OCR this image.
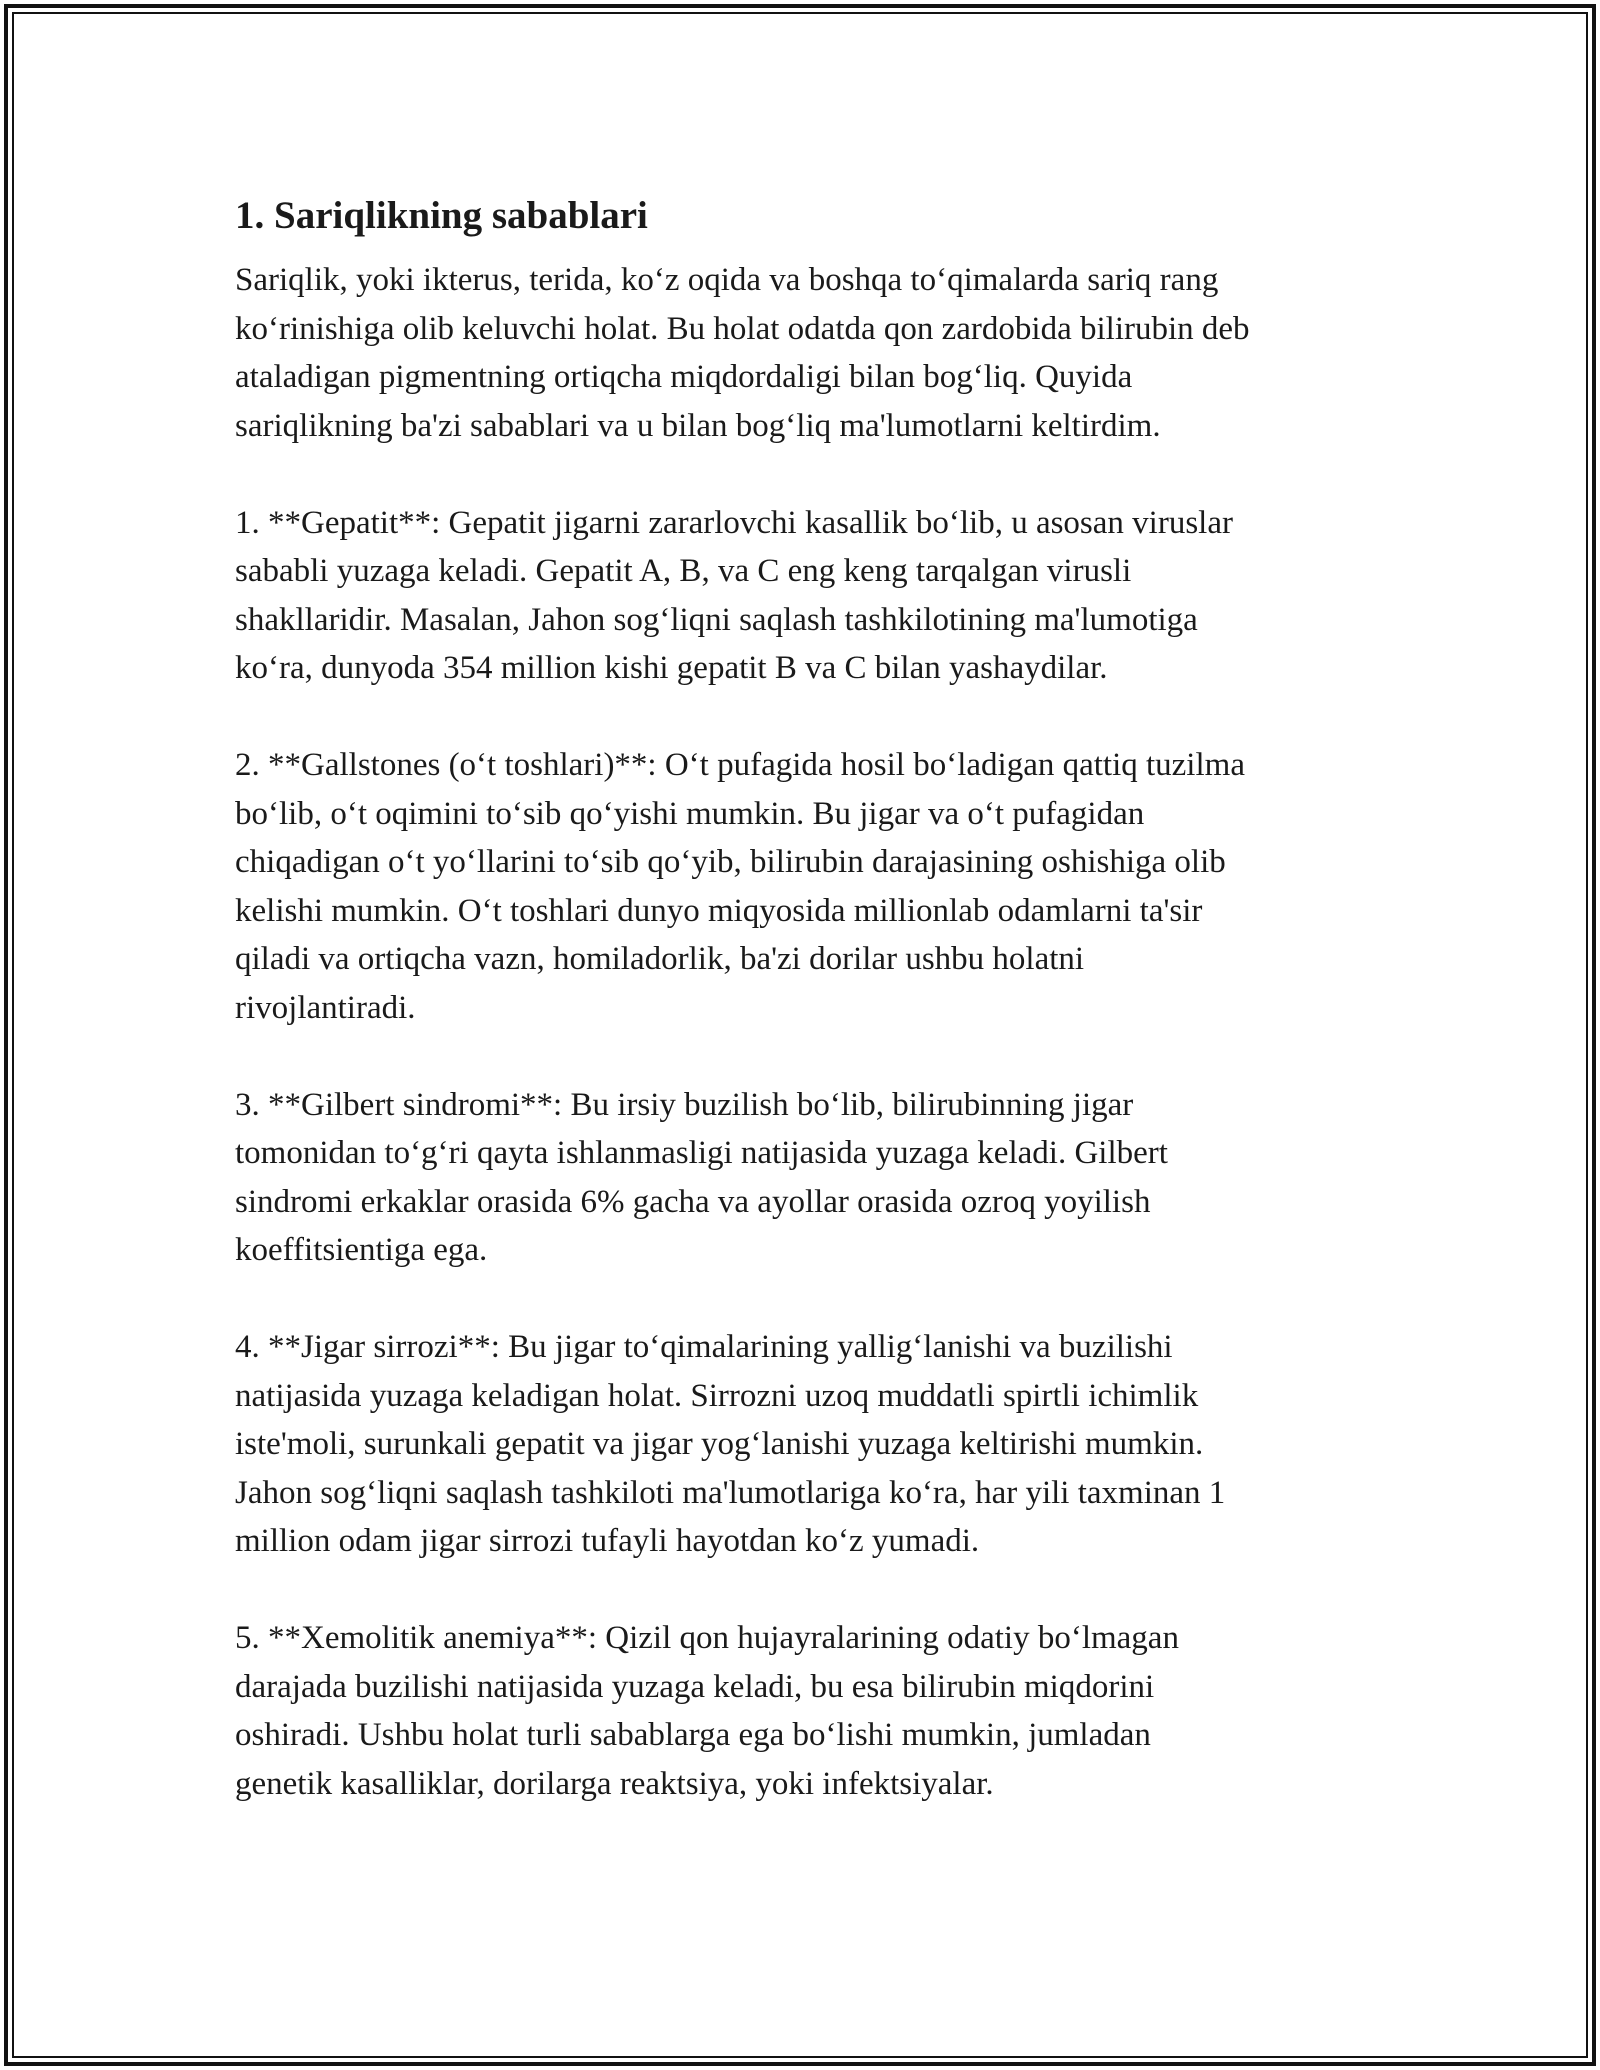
1. Sariqlikning sabablari
Sariqlik, yoki ikterus, terida, ko‘z oqida va boshqa to‘qimalarda sariq rang
ko‘rinishiga olib keluvchi holat. Bu holat odatda qon zardobida bilirubin deb
ataladigan pigmentning ortiqcha miqdordaligi bilan bog‘liq. Quyida
sariqlikning ba'zi sabablari va u bilan bog‘liq ma'lumotlarni keltirdim.
1. **Gepatit**: Gepatit jigarni zararlovchi kasallik bo‘lib, u asosan viruslar
sababli yuzaga keladi. Gepatit A, B, va C eng keng tarqalgan virusli
shakllaridir. Masalan, Jahon sog‘liqni saqlash tashkilotining ma'lumotiga
ko‘ra, dunyoda 354 million kishi gepatit B va C bilan yashaydilar.
2. **Gallstones (o‘t toshlari)**: O‘t pufagida hosil bo‘ladigan qattiq tuzilma
bo‘lib, o‘t oqimini to‘sib qo‘yishi mumkin. Bu jigar va o‘t pufagidan
chiqadigan o‘t yo‘llarini to‘sib qo‘yib, bilirubin darajasining oshishiga olib
kelishi mumkin. O‘t toshlari dunyo miqyosida millionlab odamlarni ta'sir
qiladi va ortiqcha vazn, homiladorlik, ba'zi dorilar ushbu holatni
rivojlantiradi.
3. **Gilbert sindromi**: Bu irsiy buzilish bo‘lib, bilirubinning jigar
tomonidan to‘g‘ri qayta ishlanmasligi natijasida yuzaga keladi. Gilbert
sindromi erkaklar orasida 6% gacha va ayollar orasida ozroq yoyilish
koeffitsientiga ega.
4. **Jigar sirrozi**: Bu jigar to‘qimalarining yallig‘lanishi va buzilishi
natijasida yuzaga keladigan holat. Sirrozni uzoq muddatli spirtli ichimlik
iste'moli, surunkali gepatit va jigar yog‘lanishi yuzaga keltirishi mumkin.
Jahon sog‘liqni saqlash tashkiloti ma'lumotlariga ko‘ra, har yili taxminan 1
million odam jigar sirrozi tufayli hayotdan ko‘z yumadi.
5. **Xemolitik anemiya**: Qizil qon hujayralarining odatiy bo‘lmagan
darajada buzilishi natijasida yuzaga keladi, bu esa bilirubin miqdorini
oshiradi. Ushbu holat turli sabablarga ega bo‘lishi mumkin, jumladan
genetik kasalliklar, dorilarga reaktsiya, yoki infektsiyalar.
